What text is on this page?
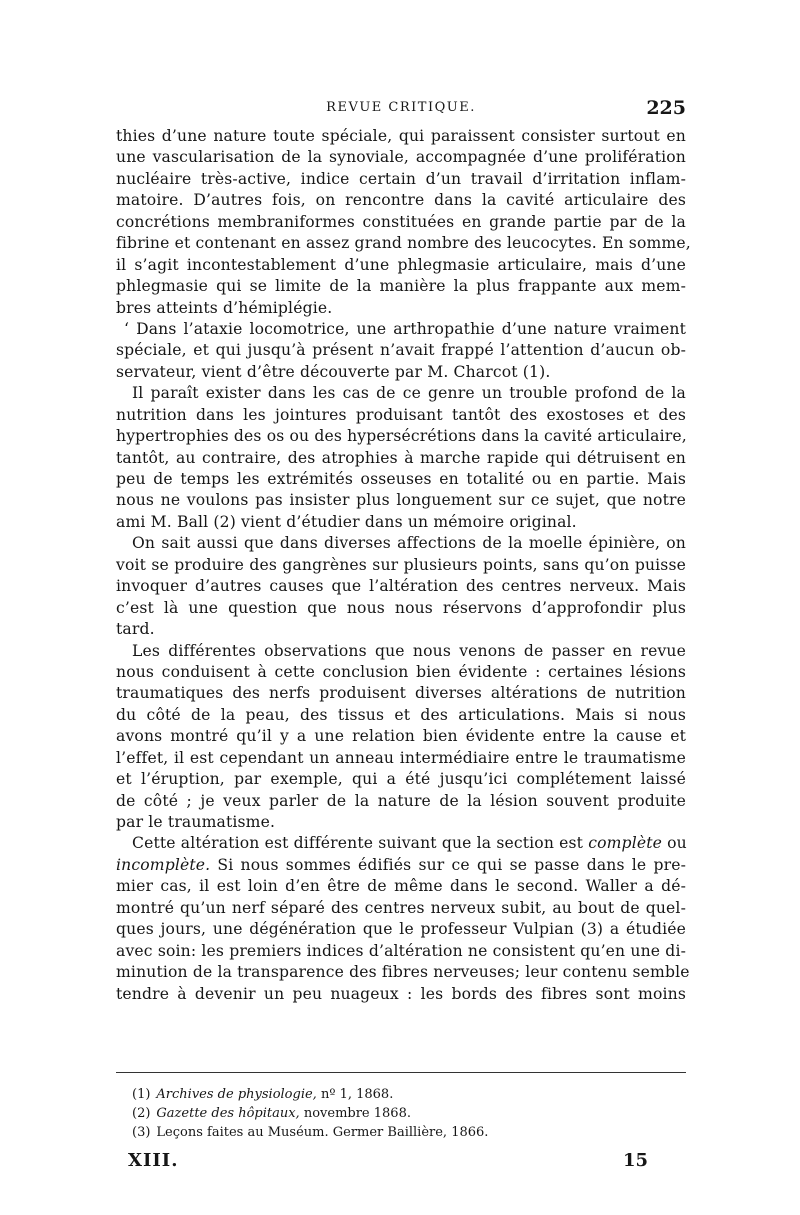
REVUE CRITIQUE.	225
thies d’une nature toute spéciale, qui paraissent consister surtout en
une vascularisation de la synoviale, accompagnée d’une prolifération
nucléaire très-active, indice certain d’un travail d’irritation inflam-
matoire. D’autres fois, on rencontre dans la cavité articulaire des
concrétions membraniformes constituées en grande partie par de la
fibrine et contenant en assez grand nombre des leucocytes. En somme,
il s’agit incontestablement d’une phlegmasie articulaire, mais d’une
phlegmasie qui se limite de la manière la plus frappante aux mem-
bres atteints d’hémiplégie.
‘ Dans l’ataxie locomotrice, une arthropathie d’une nature vraiment
spéciale, et qui jusqu’à présent n’avait frappé l’attention d’aucun ob-
servateur, vient d’être découverte par M. Charcot (1).
Il paraît exister dans les cas de ce genre un trouble profond de la
nutrition dans les jointures produisant tantôt des exostoses et des
hypertrophies des os ou des hypersécrétions dans la cavité articulaire,
tantôt, au contraire, des atrophies à marche rapide qui détruisent en
peu de temps les extrémités osseuses en totalité ou en partie. Mais
nous ne voulons pas insister plus longuement sur ce sujet, que notre
ami M. Ball (2) vient d’étudier dans un mémoire original.
On sait aussi que dans diverses affections de la moelle épinière, on
voit se produire des gangrènes sur plusieurs points, sans qu’on puisse
invoquer d’autres causes que l’altération des centres nerveux. Mais
c’est là une question que nous nous réservons d’approfondir plus
tard.
Les différentes observations que nous venons de passer en revue
nous conduisent à cette conclusion bien évidente : certaines lésions
traumatiques des nerfs produisent diverses altérations de nutrition
du côté de la peau, des tissus et des articulations. Mais si nous
avons montré qu’il y a une relation bien évidente entre la cause et
l’effet, il est cependant un anneau intermédiaire entre le traumatisme
et l’éruption, par exemple, qui a été jusqu’ici complétement laissé
de côté ; je veux parler de la nature de la lésion souvent produite
par le traumatisme.
Cette altération est différente suivant que la section est complète ou
incomplète. Si nous sommes édifiés sur ce qui se passe dans le pre-
mier cas, il est loin d’en être de même dans le second. Waller a dé-
montré qu’un nerf séparé des centres nerveux subit, au bout de quel-
ques jours, une dégénération que le professeur Vulpian (3) a étudiée
avec soin: les premiers indices d’altération ne consistent qu’en une di-
minution de la transparence des fibres nerveuses; leur contenu semble
tendre à devenir un peu nuageux : les bords des fibres sont moins
(1) Archives de physiologie, nº 1, 1868.
(2) Gazette des hôpitaux, novembre 1868.
(3) Leçons faites au Muséum. Germer Baillière, 1866.
XIII.	15
